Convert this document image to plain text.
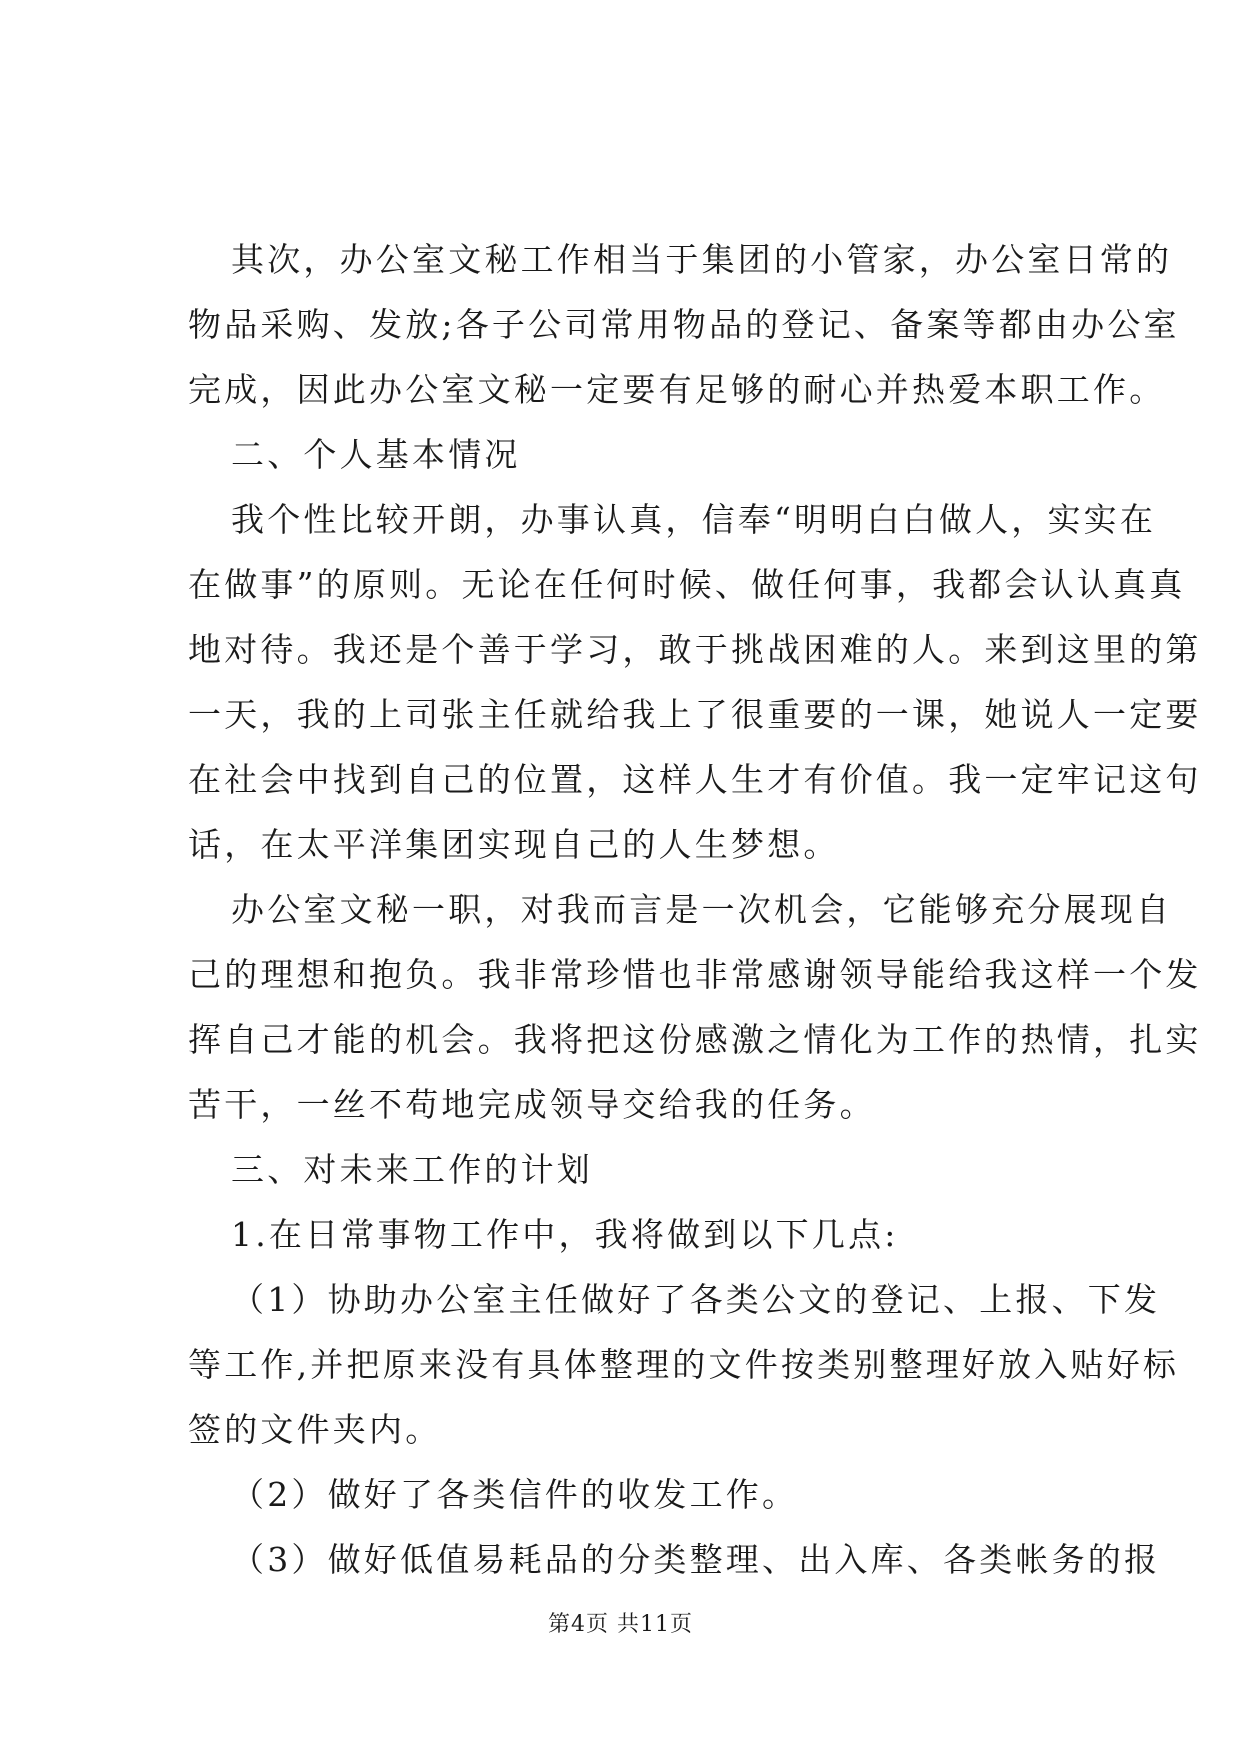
其次，办公室文秘工作相当于集团的小管家，办公室日常的
物品采购、发放;各子公司常用物品的登记、备案等都由办公室
完成，因此办公室文秘一定要有足够的耐心并热爱本职工作。
二、个人基本情况
我个性比较开朗，办事认真，信奉“明明白白做人，实实在
在做事”的原则。无论在任何时候、做任何事，我都会认认真真
地对待。我还是个善于学习，敢于挑战困难的人。来到这里的第
一天，我的上司张主任就给我上了很重要的一课，她说人一定要
在社会中找到自己的位置，这样人生才有价值。我一定牢记这句
话，在太平洋集团实现自己的人生梦想。
办公室文秘一职，对我而言是一次机会，它能够充分展现自
己的理想和抱负。我非常珍惜也非常感谢领导能给我这样一个发
挥自己才能的机会。我将把这份感激之情化为工作的热情，扎实
苦干，一丝不苟地完成领导交给我的任务。
三、对未来工作的计划
1.在日常事物工作中，我将做到以下几点:
（1）协助办公室主任做好了各类公文的登记、上报、下发
等工作,并把原来没有具体整理的文件按类别整理好放入贴好标
签的文件夹内。
（2）做好了各类信件的收发工作。
（3）做好低值易耗品的分类整理、出入库、各类帐务的报
第4页 共11页
